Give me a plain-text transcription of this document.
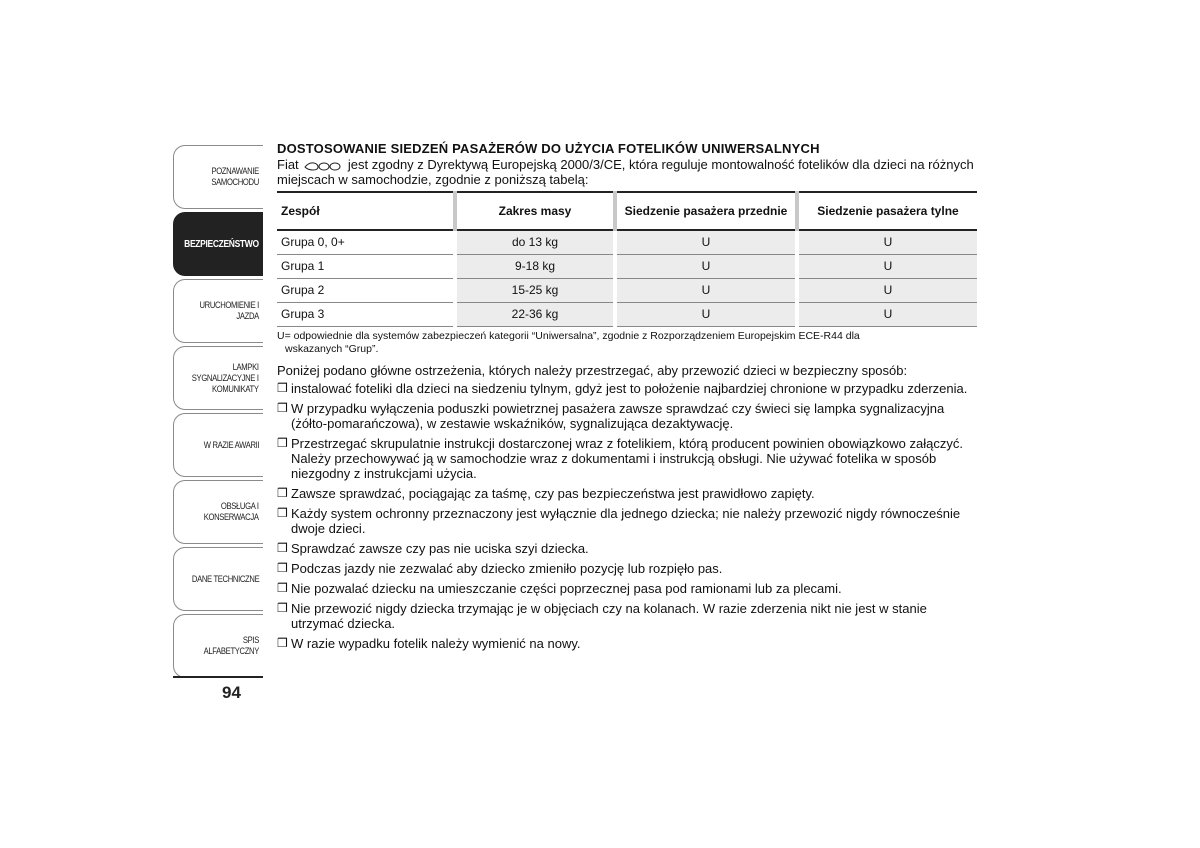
POZNAWANIE
SAMOCHODU
BEZPIECZEŃSTWO
URUCHOMIENIE I
JAZDA
LAMPKI
SYGNALIZACYJNE I
KOMUNIKATY
W RAZIE AWARII
OBSŁUGA I
KONSERWACJA
DANE TECHNICZNE
SPIS ALFABETYCZNY
94
DOSTOSOWANIE SIEDZEŃ PASAŻERÓW DO UŻYCIA FOTELIKÓW UNIWERSALNYCH

Fiat	jest zgodny z Dyrektywą Europejską 2000/3/CE, która reguluje montowalność fotelików dla dzieci na różnych miejscach w samochodzie, zgodnie z poniższą tabelą:

Zespół	Zakres masy	Siedzenie pasażera przednie	Siedzenie pasażera tylne
Grupa 0, 0+	do 13 kg	U	U
Grupa 1	9-18 kg	U	U
Grupa 2	15-25 kg	U	U
Grupa 3	22-36 kg	U	U

U= odpowiednie dla systemów zabezpieczeń kategorii “Uniwersalna”, zgodnie z Rozporządzeniem Europejskim ECE-R44 dla
wskazanych “Grup”.

Poniżej podano główne ostrzeżenia, których należy przestrzegać, aby przewozić dzieci w bezpieczny sposób:

❒ instalować foteliki dla dzieci na siedzeniu tylnym, gdyż jest to położenie najbardziej chronione w przypadku zderzenia.
❒ W przypadku wyłączenia poduszki powietrznej pasażera zawsze sprawdzać czy świeci się lampka sygnalizacyjna (żółto-pomarańczowa), w zestawie wskaźników, sygnalizująca dezaktywację.
❒ Przestrzegać skrupulatnie instrukcji dostarczonej wraz z fotelikiem, którą producent powinien obowiązkowo załączyć. Należy przechowywać ją w samochodzie wraz z dokumentami i instrukcją obsługi. Nie używać fotelika w sposób niezgodny z instrukcjami użycia.
❒ Zawsze sprawdzać, pociągając za taśmę, czy pas bezpieczeństwa jest prawidłowo zapięty.
❒ Każdy system ochronny przeznaczony jest wyłącznie dla jednego dziecka; nie należy przewozić nigdy równocześnie dwoje dzieci.
❒ Sprawdzać zawsze czy pas nie uciska szyi dziecka.
❒ Podczas jazdy nie zezwalać aby dziecko zmieniło pozycję lub rozpięło pas.
❒ Nie pozwalać dziecku na umieszczanie części poprzecznej pasa pod ramionami lub za plecami.
❒ Nie przewozić nigdy dziecka trzymając je w objęciach czy na kolanach. W razie zderzenia nikt nie jest w stanie utrzymać dziecka.
❒ W razie wypadku fotelik należy wymienić na nowy.
